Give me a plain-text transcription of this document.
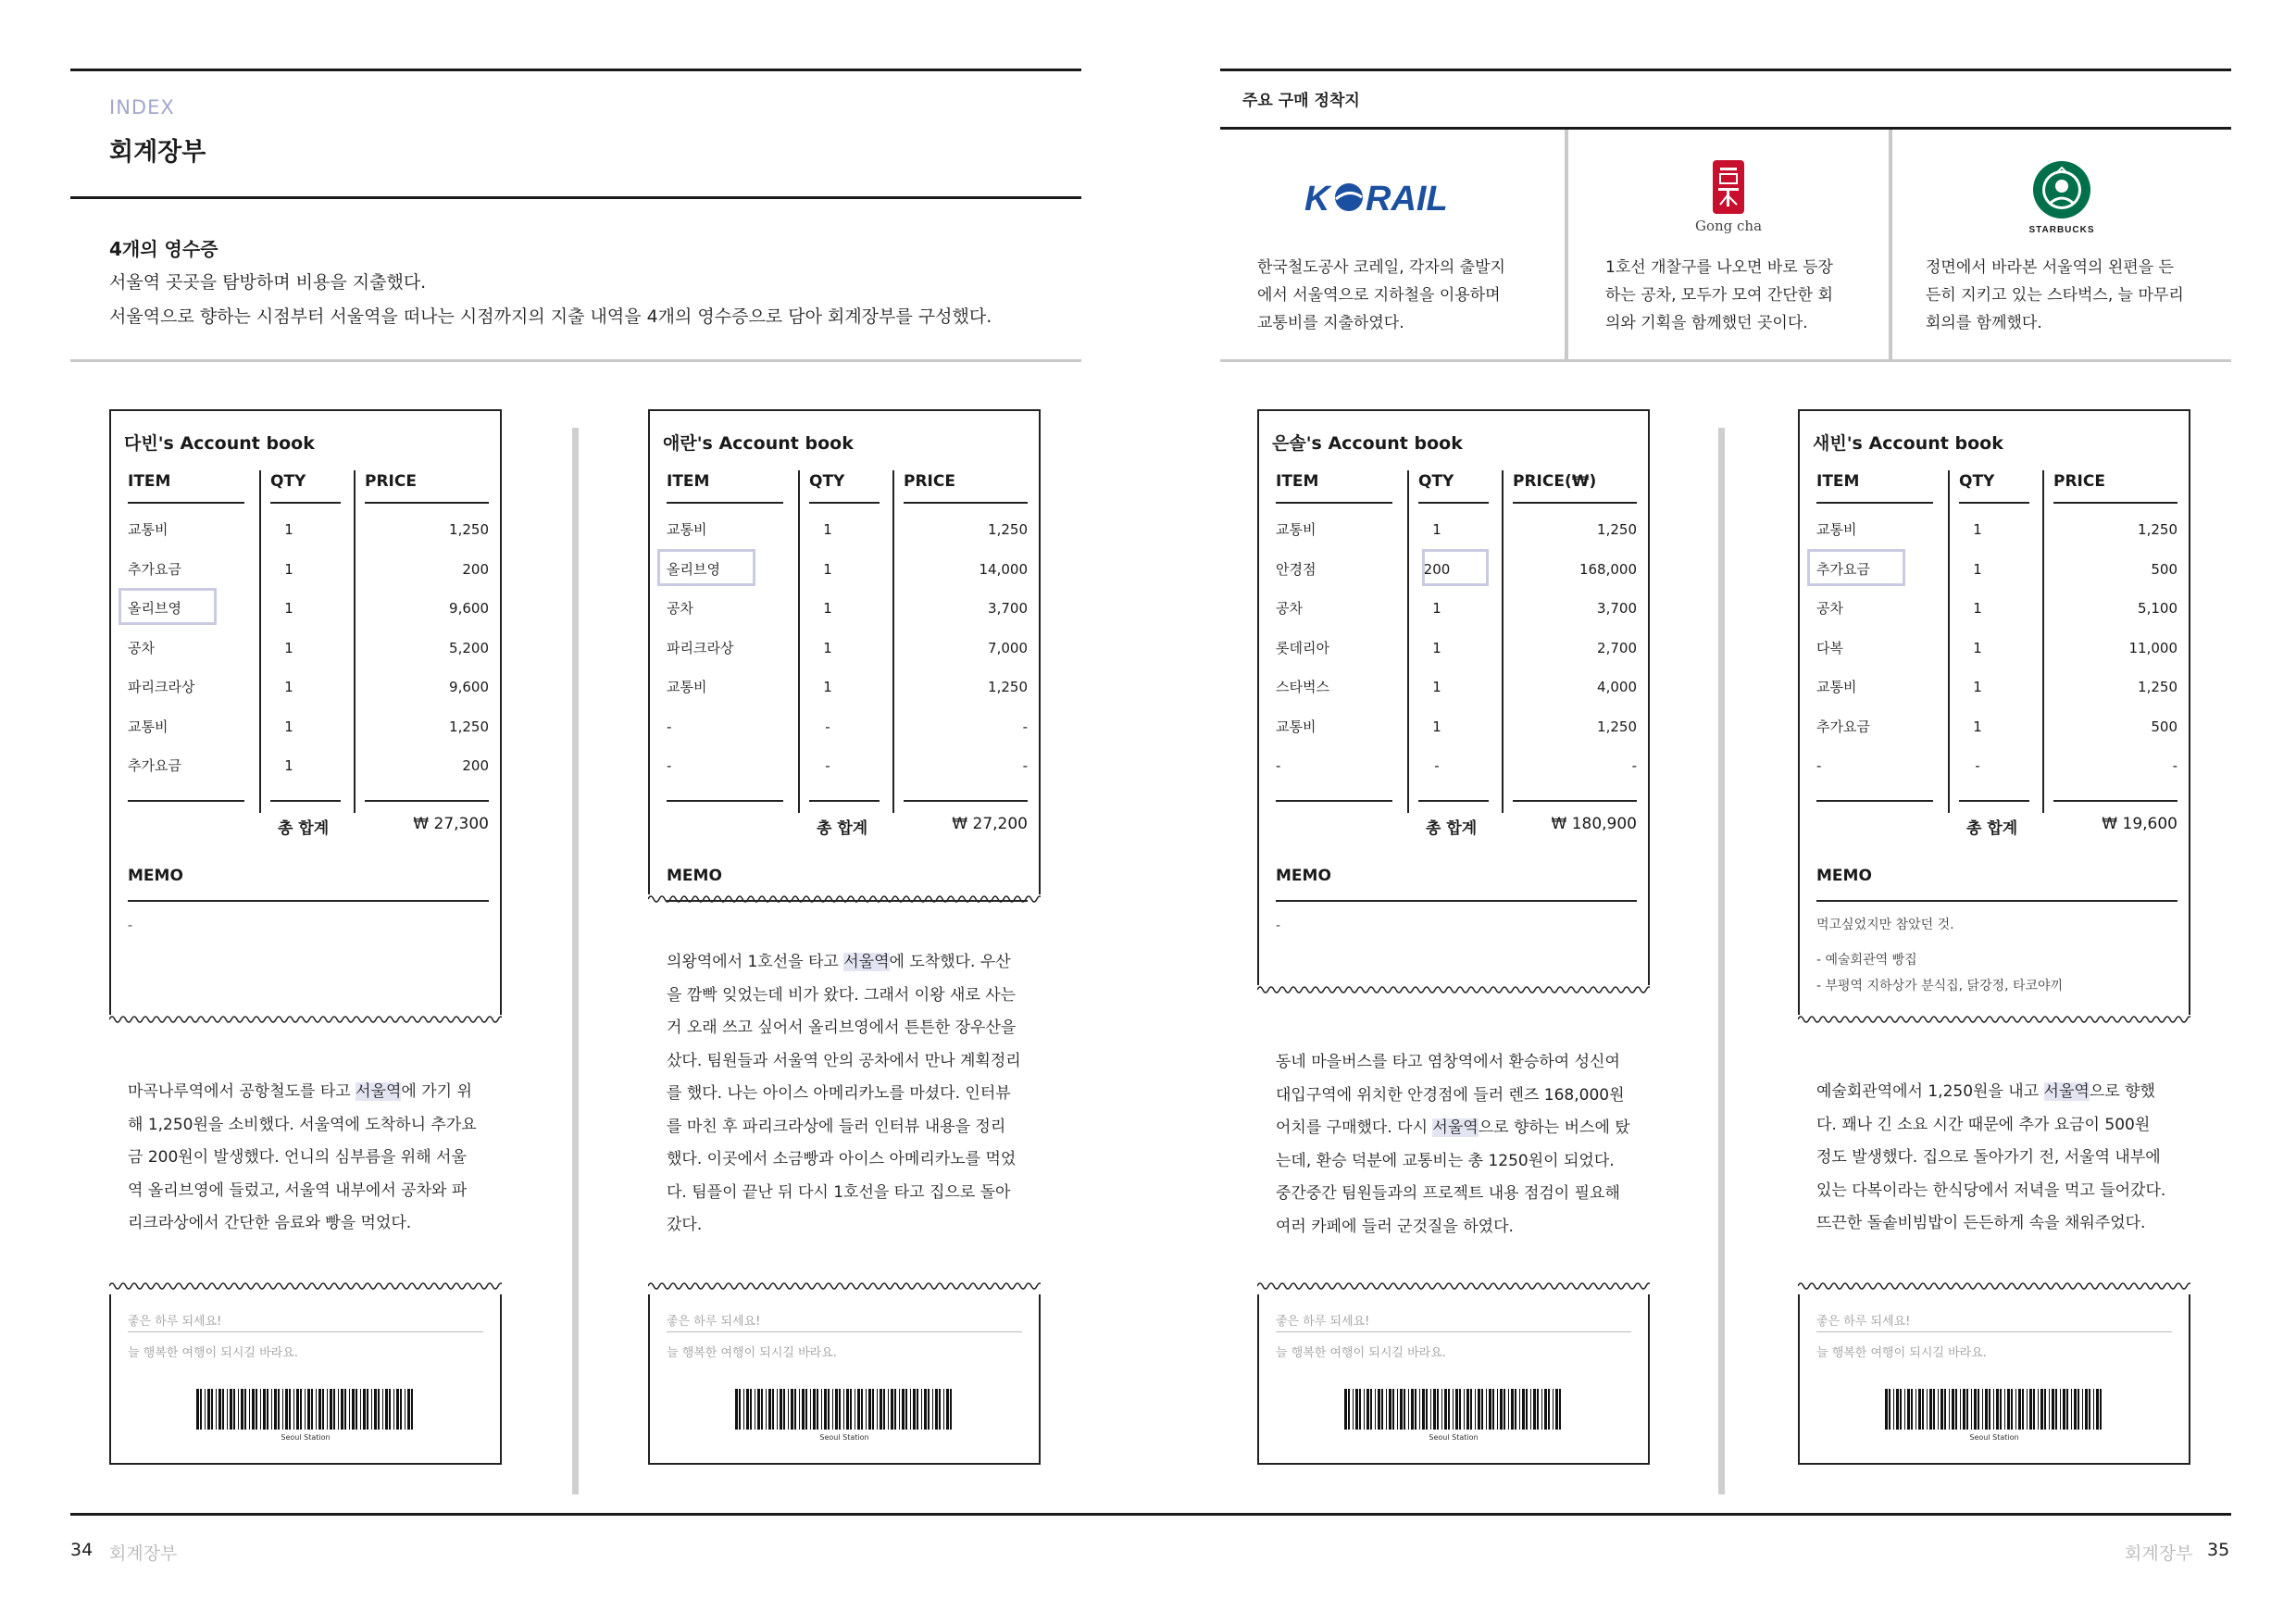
INDEX
회계장부
4개의 영수증
서울역 곳곳을 탐방하며 비용을 지출했다.
서울역으로 향하는 시점부터 서울역을 떠나는 시점까지의 지출 내역을 4개의 영수증으로 담아 회계장부를 구성했다.
주요 구매 정착지
K RAIL
한국철도공사 코레일, 각자의 출발지
에서 서울역으로 지하철을 이용하며
교통비를 지출하였다.
Gong cha
1호선 개찰구를 나오면 바로 등장
하는 공차, 모두가 모여 간단한 회
의와 기획을 함께했던 곳이다.
STARBUCKS
정면에서 바라본 서울역의 왼편을 든
든히 지키고 있는 스타벅스, 늘 마무리
회의를 함께했다.
다빈's Account book
ITEM	QTY	PRICE
교통비	1	1,250
추가요금	1	200
올리브영	1	9,600
공차	1	5,200
파리크라상	1	9,600
교통비	1	1,250
추가요금	1	200
총 합계	₩ 27,300
MEMO
-
마곡나루역에서 공항철도를 타고 서울역에 가기 위
해 1,250원을 소비했다. 서울역에 도착하니 추가요
금 200원이 발생했다. 언니의 심부름을 위해 서울
역 올리브영에 들렀고, 서울역 내부에서 공차와 파
리크라상에서 간단한 음료와 빵을 먹었다.
좋은 하루 되세요!
늘 행복한 여행이 되시길 바라요.
Seoul Station
애란's Account book
ITEM	QTY	PRICE
교통비	1	1,250
올리브영	1	14,000
공차	1	3,700
파리크라상	1	7,000
교통비	1	1,250
-	-	-
-	-	-
총 합계	₩ 27,200
MEMO
의왕역에서 1호선을 타고 서울역에 도착했다. 우산
을 깜빡 잊었는데 비가 왔다. 그래서 이왕 새로 사는
거 오래 쓰고 싶어서 올리브영에서 튼튼한 장우산을
샀다. 팀원들과 서울역 안의 공차에서 만나 계획정리
를 했다. 나는 아이스 아메리카노를 마셨다. 인터뷰
를 마친 후 파리크라상에 들러 인터뷰 내용을 정리
했다. 이곳에서 소금빵과 아이스 아메리카노를 먹었
다. 팀플이 끝난 뒤 다시 1호선을 타고 집으로 돌아
갔다.
좋은 하루 되세요!
늘 행복한 여행이 되시길 바라요.
Seoul Station
은솔's Account book
ITEM	QTY	PRICE(₩)
교통비	1	1,250
안경점	200	168,000
공차	1	3,700
롯데리아	1	2,700
스타벅스	1	4,000
교통비	1	1,250
-	-	-
총 합계	₩ 180,900
MEMO
-
동네 마을버스를 타고 염창역에서 환승하여 성신여
대입구역에 위치한 안경점에 들러 렌즈 168,000원
어치를 구매했다. 다시 서울역으로 향하는 버스에 탔
는데, 환승 덕분에 교통비는 총 1250원이 되었다.
중간중간 팀원들과의 프로젝트 내용 점검이 필요해
여러 카페에 들러 군것질을 하였다.
좋은 하루 되세요!
늘 행복한 여행이 되시길 바라요.
Seoul Station
새빈's Account book
ITEM	QTY	PRICE
교통비	1	1,250
추가요금	1	500
공차	1	5,100
다복	1	11,000
교통비	1	1,250
추가요금	1	500
-	-	-
총 합계	₩ 19,600
MEMO
먹고싶었지만 참았던 것.
- 예술회관역 빵집
- 부평역 지하상가 분식집, 닭강정, 타코야끼
예술회관역에서 1,250원을 내고 서울역으로 향했
다. 꽤나 긴 소요 시간 때문에 추가 요금이 500원
정도 발생했다. 집으로 돌아가기 전, 서울역 내부에
있는 다복이라는 한식당에서 저녁을 먹고 들어갔다.
뜨끈한 돌솥비빔밥이 든든하게 속을 채워주었다.
좋은 하루 되세요!
늘 행복한 여행이 되시길 바라요.
Seoul Station
34 회계장부	회계장부 35
